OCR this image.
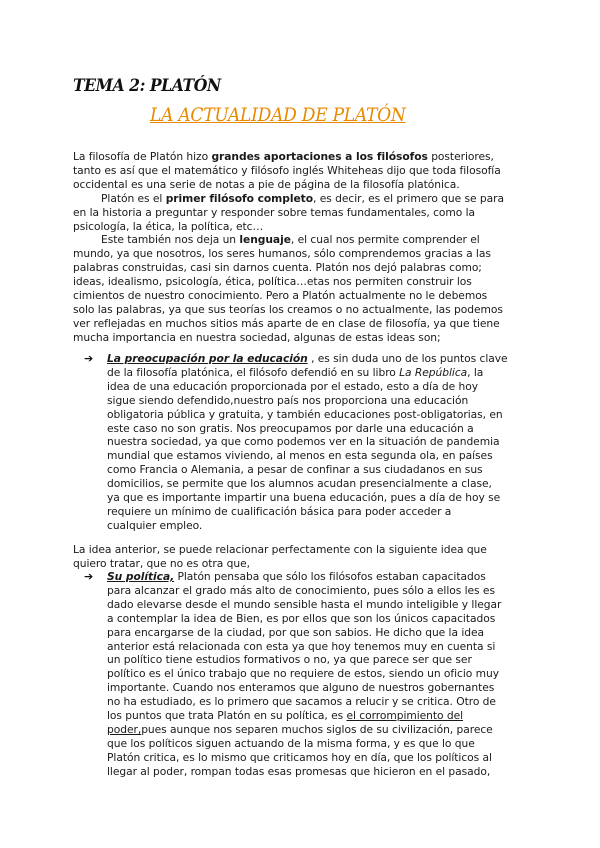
TEMA 2: PLATÓN
LA ACTUALIDAD DE PLATÓN
La filosofía de Platón hizo grandes aportaciones a los filósofos posteriores,
tanto es así que el matemático y filósofo inglés Whiteheas dijo que toda filosofía
occidental es una serie de notas a pie de página de la filosofía platónica.
Platón es el primer filósofo completo, es decir, es el primero que se para
en la historia a preguntar y responder sobre temas fundamentales, como la
psicología, la ética, la política, etc…
Este también nos deja un lenguaje, el cual nos permite comprender el
mundo, ya que nosotros, los seres humanos, sólo comprendemos gracias a las
palabras construidas, casi sin darnos cuenta. Platón nos dejó palabras como;
ideas, idealismo, psicología, ética, política…etas nos permiten construir los
cimientos de nuestro conocimiento. Pero a Platón actualmente no le debemos
solo las palabras, ya que sus teorías los creamos o no actualmente, las podemos
ver reflejadas en muchos sitios más aparte de en clase de filosofía, ya que tiene
mucha importancia en nuestra sociedad, algunas de estas ideas son;
➔ La preocupación por la educación , es sin duda uno de los puntos clave
de la filosofía platónica, el filósofo defendió en su libro La República, la
idea de una educación proporcionada por el estado, esto a día de hoy
sigue siendo defendido,nuestro país nos proporciona una educación
obligatoria pública y gratuita, y también educaciones post-obligatorias, en
este caso no son gratis. Nos preocupamos por darle una educación a
nuestra sociedad, ya que como podemos ver en la situación de pandemia
mundial que estamos viviendo, al menos en esta segunda ola, en países
como Francia o Alemania, a pesar de confinar a sus ciudadanos en sus
domicilios, se permite que los alumnos acudan presencialmente a clase,
ya que es importante impartir una buena educación, pues a día de hoy se
requiere un mínimo de cualificación básica para poder acceder a
cualquier empleo.
La idea anterior, se puede relacionar perfectamente con la siguiente idea que
quiero tratar, que no es otra que,
➔ Su política, Platón pensaba que sólo los filósofos estaban capacitados
para alcanzar el grado más alto de conocimiento, pues sólo a ellos les es
dado elevarse desde el mundo sensible hasta el mundo inteligible y llegar
a contemplar la idea de Bien, es por ellos que son los únicos capacitados
para encargarse de la ciudad, por que son sabios. He dicho que la idea
anterior está relacionada con esta ya que hoy tenemos muy en cuenta si
un político tiene estudios formativos o no, ya que parece ser que ser
político es el único trabajo que no requiere de estos, siendo un oficio muy
importante. Cuando nos enteramos que alguno de nuestros gobernantes
no ha estudiado, es lo primero que sacamos a relucir y se critica. Otro de
los puntos que trata Platón en su política, es el corrompimiento del
poder,pues aunque nos separen muchos siglos de su civilización, parece
que los políticos siguen actuando de la misma forma, y es que lo que
Platón critica, es lo mismo que criticamos hoy en día, que los políticos al
llegar al poder, rompan todas esas promesas que hicieron en el pasado,
